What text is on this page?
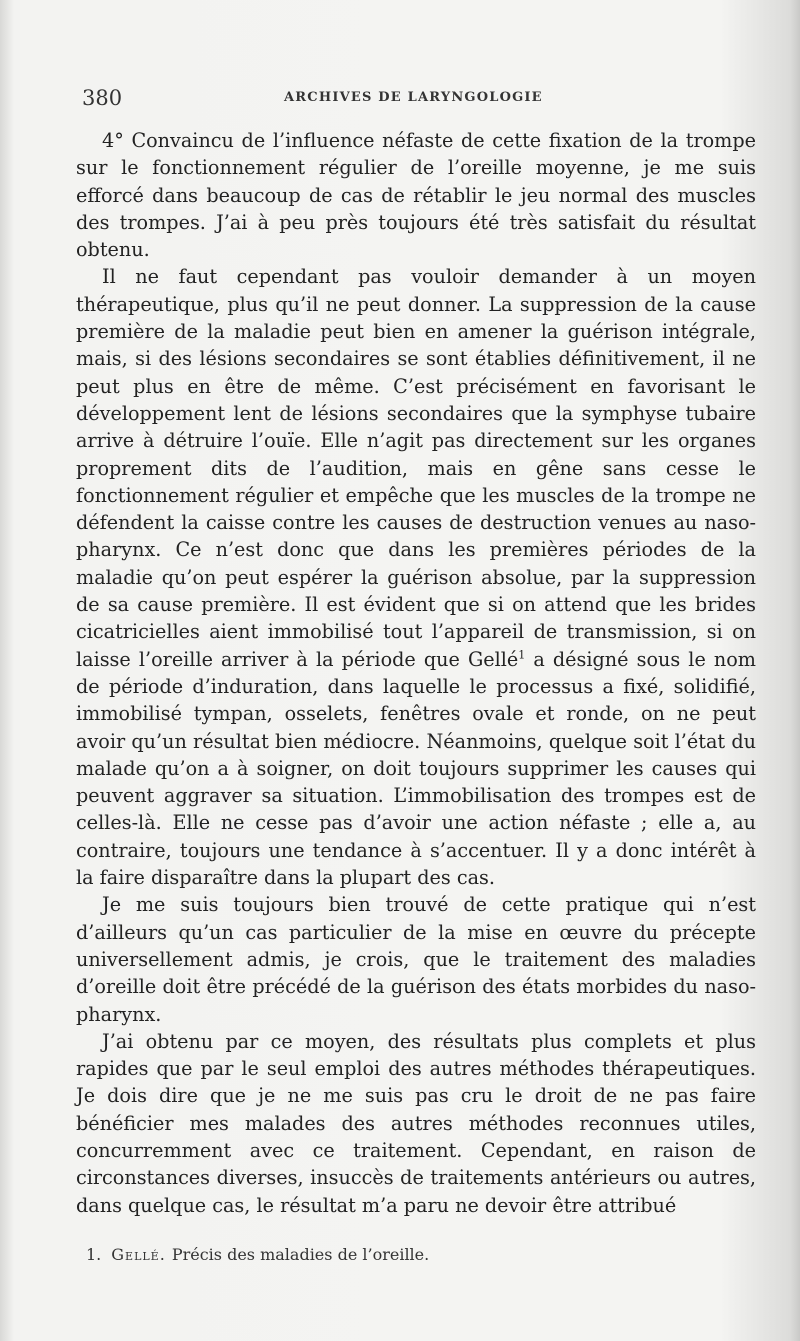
380	ARCHIVES DE LARYNGOLOGIE

4° Convaincu de l’influence néfaste de cette fixation de la trompe sur le fonctionnement régulier de l’oreille moyenne, je me suis efforcé dans beaucoup de cas de rétablir le jeu normal des muscles des trompes. J’ai à peu près toujours été très satisfait du résultat obtenu.

Il ne faut cependant pas vouloir demander à un moyen thérapeutique, plus qu’il ne peut donner. La suppression de la cause première de la maladie peut bien en amener la guérison intégrale, mais, si des lésions secondaires se sont établies définitivement, il ne peut plus en être de même. C’est précisément en favorisant le développement lent de lésions secondaires que la symphyse tubaire arrive à détruire l’ouïe. Elle n’agit pas directement sur les organes proprement dits de l’audition, mais en gêne sans cesse le fonctionnement régulier et empêche que les muscles de la trompe ne défendent la caisse contre les causes de destruction venues au naso-pharynx. Ce n’est donc que dans les premières périodes de la maladie qu’on peut espérer la guérison absolue, par la suppression de sa cause première. Il est évident que si on attend que les brides cicatricielles aient immobilisé tout l’appareil de transmission, si on laisse l’oreille arriver à la période que Gellé$^1$ a désigné sous le nom de période d’induration, dans laquelle le processus a fixé, solidifié, immobilisé tympan, osselets, fenêtres ovale et ronde, on ne peut avoir qu’un résultat bien médiocre. Néanmoins, quelque soit l’état du malade qu’on a à soigner, on doit toujours supprimer les causes qui peuvent aggraver sa situation. L’immobilisation des trompes est de celles-là. Elle ne cesse pas d’avoir une action néfaste ; elle a, au contraire, toujours une tendance à s’accentuer. Il y a donc intérêt à la faire disparaître dans la plupart des cas.

Je me suis toujours bien trouvé de cette pratique qui n’est d’ailleurs qu’un cas particulier de la mise en œuvre du précepte universellement admis, je crois, que le traitement des maladies d’oreille doit être précédé de la guérison des états morbides du naso-pharynx.

J’ai obtenu par ce moyen, des résultats plus complets et plus rapides que par le seul emploi des autres méthodes thérapeutiques. Je dois dire que je ne me suis pas cru le droit de ne pas faire bénéficier mes malades des autres méthodes reconnues utiles, concurremment avec ce traitement. Cependant, en raison de circonstances diverses, insuccès de traitements antérieurs ou autres, dans quelque cas, le résultat m’a paru ne devoir être attribué

1. Gellé. Précis des maladies de l’oreille.
